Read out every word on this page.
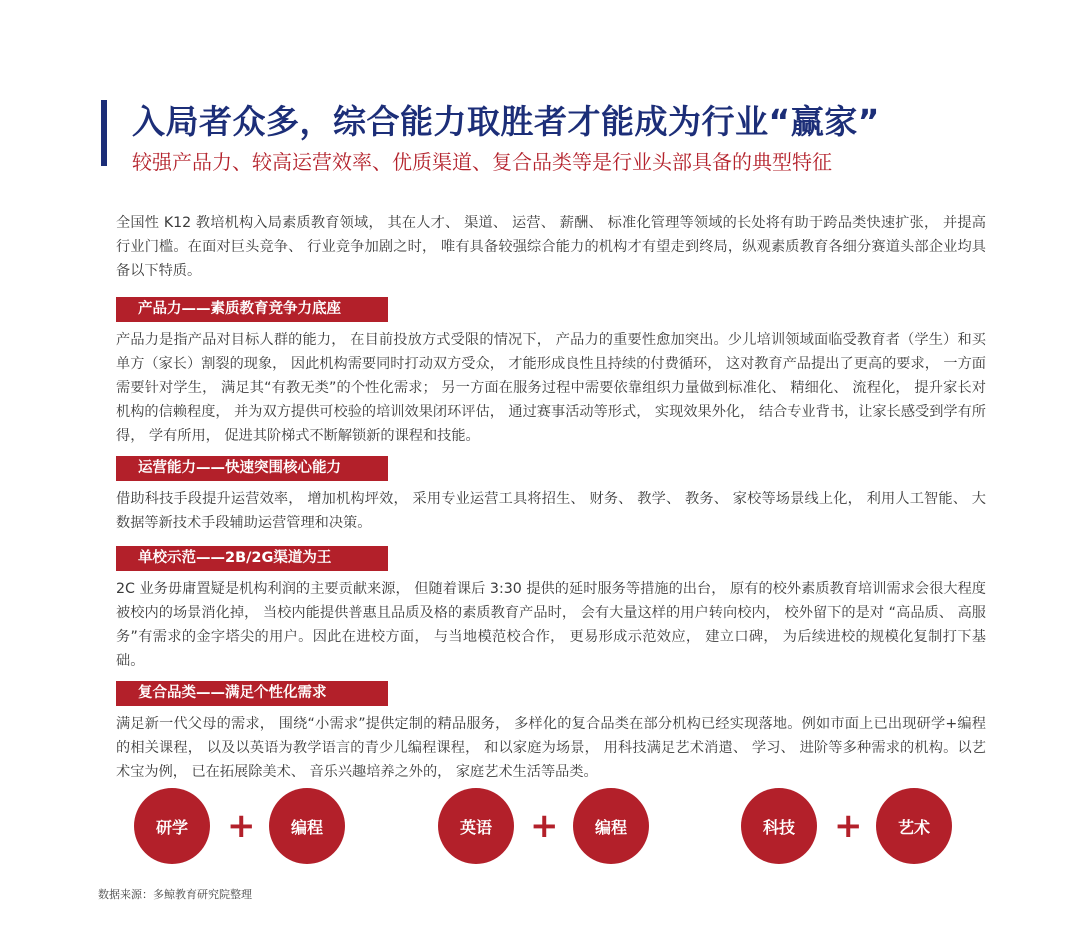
入局者众多，综合能力取胜者才能成为行业“赢家”

较强产品力、较高运营效率、优质渠道、复合品类等是行业头部具备的典型特征

全国性 K12 教培机构入局素质教育领域， 其在人才、 渠道、 运营、 薪酬、 标准化管理等领域的长处将有助于跨品类快速扩张， 并提高行业门槛。在面对巨头竞争、 行业竞争加剧之时， 唯有具备较强综合能力的机构才有望走到终局，纵观素质教育各细分赛道头部企业均具备以下特质。

产品力——素质教育竞争力底座

产品力是指产品对目标人群的能力， 在目前投放方式受限的情况下， 产品力的重要性愈加突出。少儿培训领域面临受教育者（学生）和买单方（家长）割裂的现象， 因此机构需要同时打动双方受众， 才能形成良性且持续的付费循环， 这对教育产品提出了更高的要求， 一方面需要针对学生， 满足其“有教无类”的个性化需求； 另一方面在服务过程中需要依靠组织力量做到标准化、 精细化、 流程化， 提升家长对机构的信赖程度， 并为双方提供可校验的培训效果闭环评估， 通过赛事活动等形式， 实现效果外化， 结合专业背书，让家长感受到学有所得， 学有所用， 促进其阶梯式不断解锁新的课程和技能。

运营能力——快速突围核心能力

借助科技手段提升运营效率， 增加机构坪效， 采用专业运营工具将招生、 财务、 教学、 教务、 家校等场景线上化， 利用人工智能、 大数据等新技术手段辅助运营管理和决策。

单校示范——2B/2G渠道为王

2C 业务毋庸置疑是机构利润的主要贡献来源， 但随着课后 3:30 提供的延时服务等措施的出台， 原有的校外素质教育培训需求会很大程度被校内的场景消化掉， 当校内能提供普惠且品质及格的素质教育产品时， 会有大量这样的用户转向校内， 校外留下的是对 “高品质、 高服务”有需求的金字塔尖的用户。因此在进校方面， 与当地模范校合作， 更易形成示范效应， 建立口碑， 为后续进校的规模化复制打下基础。

复合品类——满足个性化需求

满足新一代父母的需求， 围绕“小需求”提供定制的精品服务， 多样化的复合品类在部分机构已经实现落地。例如市面上已出现研学+编程的相关课程， 以及以英语为教学语言的青少儿编程课程， 和以家庭为场景， 用科技满足艺术消遣、 学习、 进阶等多种需求的机构。以艺术宝为例， 已在拓展除美术、 音乐兴趣培养之外的， 家庭艺术生活等品类。

研学	+	编程	英语	+	编程	科技	+	艺术

数据来源：多鲸教育研究院整理
